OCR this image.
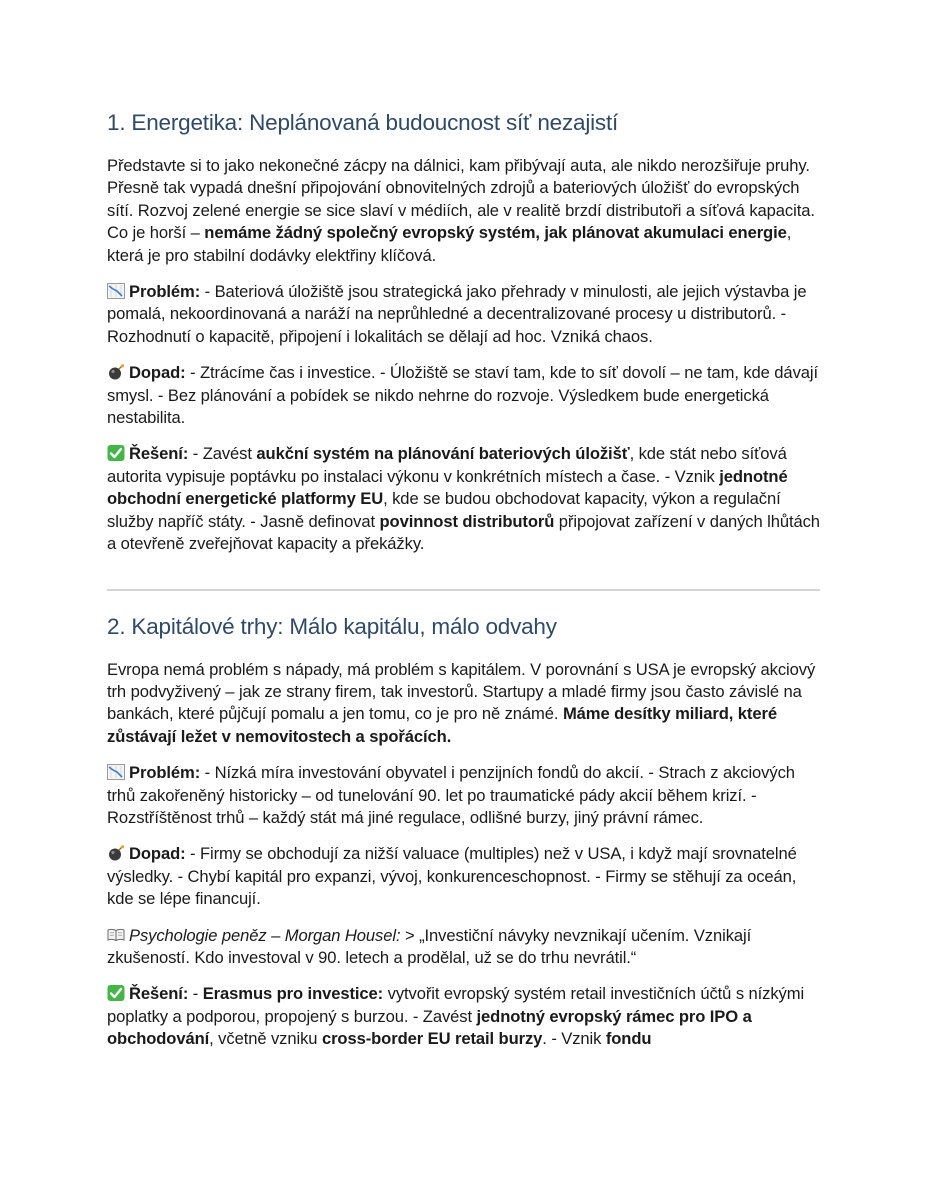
1. Energetika: Neplánovaná budoucnost síť nezajistí

Představte si to jako nekonečné zácpy na dálnici, kam přibývají auta, ale nikdo nerozšiřuje pruhy. Přesně tak vypadá dnešní připojování obnovitelných zdrojů a bateriových úložišť do evropských sítí. Rozvoj zelené energie se sice slaví v médiích, ale v realitě brzdí distributoři a síťová kapacita. Co je horší – nemáme žádný společný evropský systém, jak plánovat akumulaci energie, která je pro stabilní dodávky elektřiny klíčová.

Problém: - Bateriová úložiště jsou strategická jako přehrady v minulosti, ale jejich výstavba je pomalá, nekoordinovaná a naráží na neprůhledné a decentralizované procesy u distributorů. - Rozhodnutí o kapacitě, připojení i lokalitách se dělají ad hoc. Vzniká chaos.

Dopad: - Ztrácíme čas i investice. - Úložiště se staví tam, kde to síť dovolí – ne tam, kde dávají smysl. - Bez plánování a pobídek se nikdo nehrne do rozvoje. Výsledkem bude energetická nestabilita.

Řešení: - Zavést aukční systém na plánování bateriových úložišť, kde stát nebo síťová autorita vypisuje poptávku po instalaci výkonu v konkrétních místech a čase. - Vznik jednotné obchodní energetické platformy EU, kde se budou obchodovat kapacity, výkon a regulační služby napříč státy. - Jasně definovat povinnost distributorů připojovat zařízení v daných lhůtách a otevřeně zveřejňovat kapacity a překážky.

2. Kapitálové trhy: Málo kapitálu, málo odvahy

Evropa nemá problém s nápady, má problém s kapitálem. V porovnání s USA je evropský akciový trh podvyživený – jak ze strany firem, tak investorů. Startupy a mladé firmy jsou často závislé na bankách, které půjčují pomalu a jen tomu, co je pro ně známé. Máme desítky miliard, které zůstávají ležet v nemovitostech a spořácích.

Problém: - Nízká míra investování obyvatel i penzijních fondů do akcií. - Strach z akciových trhů zakořeněný historicky – od tunelování 90. let po traumatické pády akcií během krizí. - Rozstříštěnost trhů – každý stát má jiné regulace, odlišné burzy, jiný právní rámec.

Dopad: - Firmy se obchodují za nižší valuace (multiples) než v USA, i když mají srovnatelné výsledky. - Chybí kapitál pro expanzi, vývoj, konkurenceschopnost. - Firmy se stěhují za oceán, kde se lépe financují.

Psychologie peněz – Morgan Housel: > „Investiční návyky nevznikají učením. Vznikají zkušeností. Kdo investoval v 90. letech a prodělal, už se do trhu nevrátil.“

Řešení: - Erasmus pro investice: vytvořit evropský systém retail investičních účtů s nízkými poplatky a podporou, propojený s burzou. - Zavést jednotný evropský rámec pro IPO a obchodování, včetně vzniku cross-border EU retail burzy. - Vznik fondu
